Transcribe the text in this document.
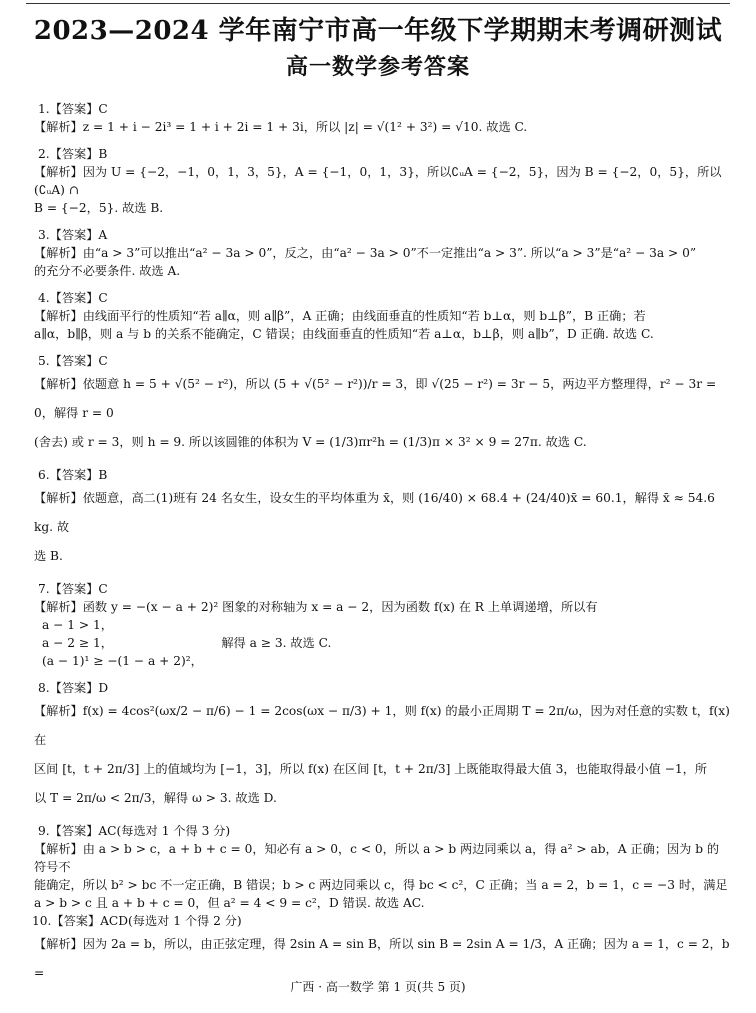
2023—2024 学年南宁市高一年级下学期期末考调研测试
高一数学参考答案

1.【答案】C

【解析】z = 1 + i − 2i³ = 1 + i + 2i = 1 + 3i，所以 |z| = √(1² + 3²) = √10. 故选 C.

2.【答案】B

【解析】因为 U = {−2，−1，0，1，3，5}，A = {−1，0，1，3}，所以∁ᵤA = {−2，5}，因为 B = {−2，0，5}，所以(∁ᵤA) ∩

B = {−2，5}. 故选 B.

3.【答案】A

【解析】由“a > 3”可以推出“a² − 3a > 0”，反之，由“a² − 3a > 0”不一定推出“a > 3”. 所以“a > 3”是“a² − 3a > 0”

的充分不必要条件. 故选 A.

4.【答案】C

【解析】由线面平行的性质知“若 a∥α，则 a∥β”，A 正确；由线面垂直的性质知“若 b⊥α，则 b⊥β”，B 正确；若

a∥α，b∥β，则 a 与 b 的关系不能确定，C 错误；由线面垂直的性质知“若 a⊥α，b⊥β，则 a∥b”，D 正确. 故选 C.

5.【答案】C

【解析】依题意 h = 5 + √(5² − r²)，所以 (5 + √(5² − r²))/r = 3，即 √(25 − r²) = 3r − 5，两边平方整理得，r² − 3r = 0，解得 r = 0

(舍去) 或 r = 3，则 h = 9. 所以该圆锥的体积为 V = (1/3)πr²h = (1/3)π × 3² × 9 = 27π. 故选 C.

6.【答案】B

【解析】依题意，高二(1)班有 24 名女生，设女生的平均体重为 x̄，则 (16/40) × 68.4 + (24/40)x̄ = 60.1，解得 x̄ ≈ 54.6 kg. 故

选 B.

7.【答案】C

【解析】函数 y = −(x − a + 2)² 图象的对称轴为 x = a − 2，因为函数 f(x) 在 R 上单调递增，所以有

a − 1 > 1，

a − 2 ≥ 1，                            解得 a ≥ 3. 故选 C.

(a − 1)¹ ≥ −(1 − a + 2)²，

8.【答案】D

【解析】f(x) = 4cos²(ωx/2 − π/6) − 1 = 2cos(ωx − π/3) + 1，则 f(x) 的最小正周期 T = 2π/ω，因为对任意的实数 t，f(x) 在

区间 [t，t + 2π/3] 上的值域均为 [−1，3]，所以 f(x) 在区间 [t，t + 2π/3] 上既能取得最大值 3，也能取得最小值 −1，所

以 T = 2π/ω < 2π/3，解得 ω > 3. 故选 D.

9.【答案】AC(每选对 1 个得 3 分)

【解析】由 a > b > c，a + b + c = 0，知必有 a > 0，c < 0，所以 a > b 两边同乘以 a，得 a² > ab，A 正确；因为 b 的符号不

能确定，所以 b² > bc 不一定正确，B 错误；b > c 两边同乘以 c，得 bc < c²，C 正确；当 a = 2，b = 1，c = −3 时，满足

a > b > c 且 a + b + c = 0，但 a² = 4 < 9 = c²，D 错误. 故选 AC.

10.【答案】ACD(每选对 1 个得 2 分)

【解析】因为 2a = b，所以，由正弦定理，得 2sin A = sin B，所以 sin B = 2sin A = 1/3，A 正确；因为 a = 1，c = 2，b =

广西 · 高一数学 第 1 页(共 5 页)
